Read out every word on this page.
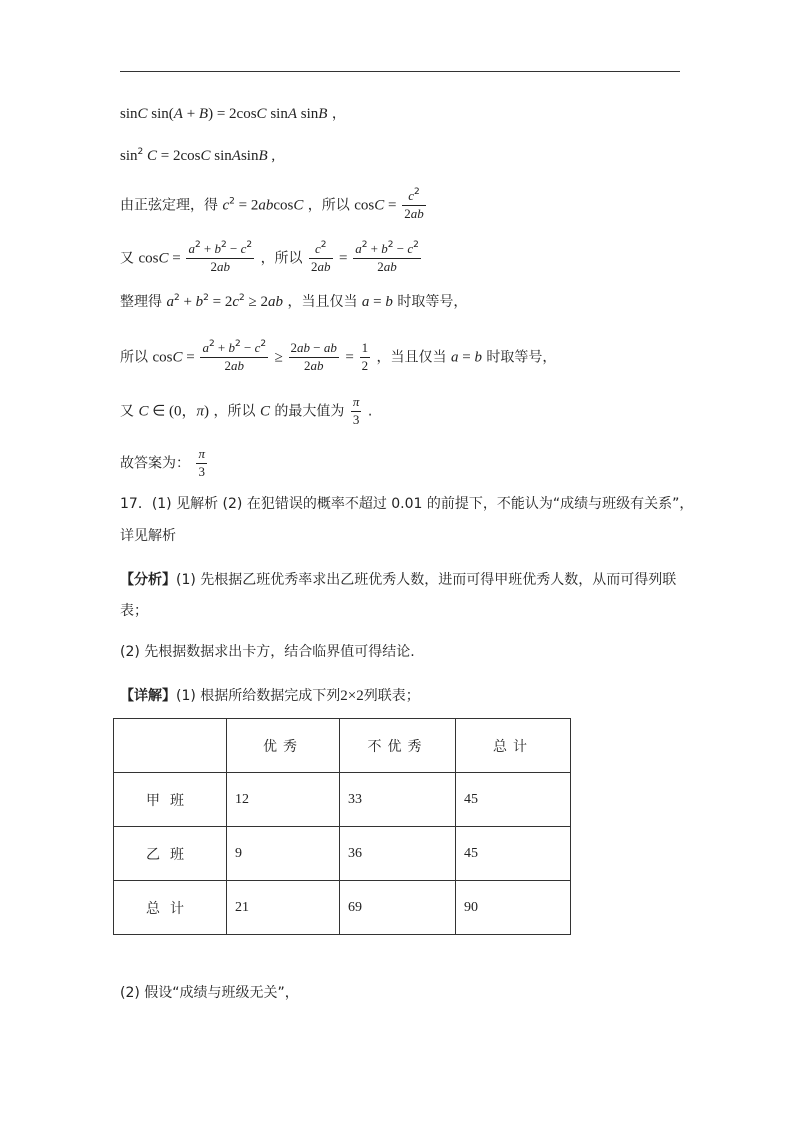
sinC sin(A + B) = 2cosC sinA sinB ，
$\sin^2 C = 2\cos C$ sinAsinB ,
由正弦定理，得 $c^2 = 2abcosC$ ，所以 $\cos C = \frac{c^2}{2ab}$
又 $\cos C = \frac{a^2 + b^2 - c^2}{2ab}$ ，所以 $\frac{c^2}{2ab} = \frac{a^2 + b^2 - c^2}{2ab}$
整理得 $a^2 + b^2 = 2c^2 \ge 2ab$ ，当且仅当 a = b 时取等号，
所以 $\cos C = \frac{a^2 + b^2 - c^2}{2ab} \ge \frac{2ab - ab}{2ab} = \frac{1}{2}$ ，当且仅当 a = b 时取等号，
又 C ∈ (0，π) ，所以 C 的最大值为 $\frac{\pi}{3}$ .
故答案为： $\frac{\pi}{3}$
17．(1) 见解析 (2) 在犯错误的概率不超过 0.01 的前提下，不能认为“成绩与班级有关系”，
详见解析
【分析】(1) 先根据乙班优秀率求出乙班优秀人数，进而可得甲班优秀人数，从而可得列联
表；
(2) 先根据数据求出卡方，结合临界值可得结论.
【详解】(1) 根据所给数据完成下列2×2列联表；
	优秀	不优秀	总计
甲班	12	33	45
乙班	9	36	45
总计	21	69	90
(2) 假设“成绩与班级无关”，
